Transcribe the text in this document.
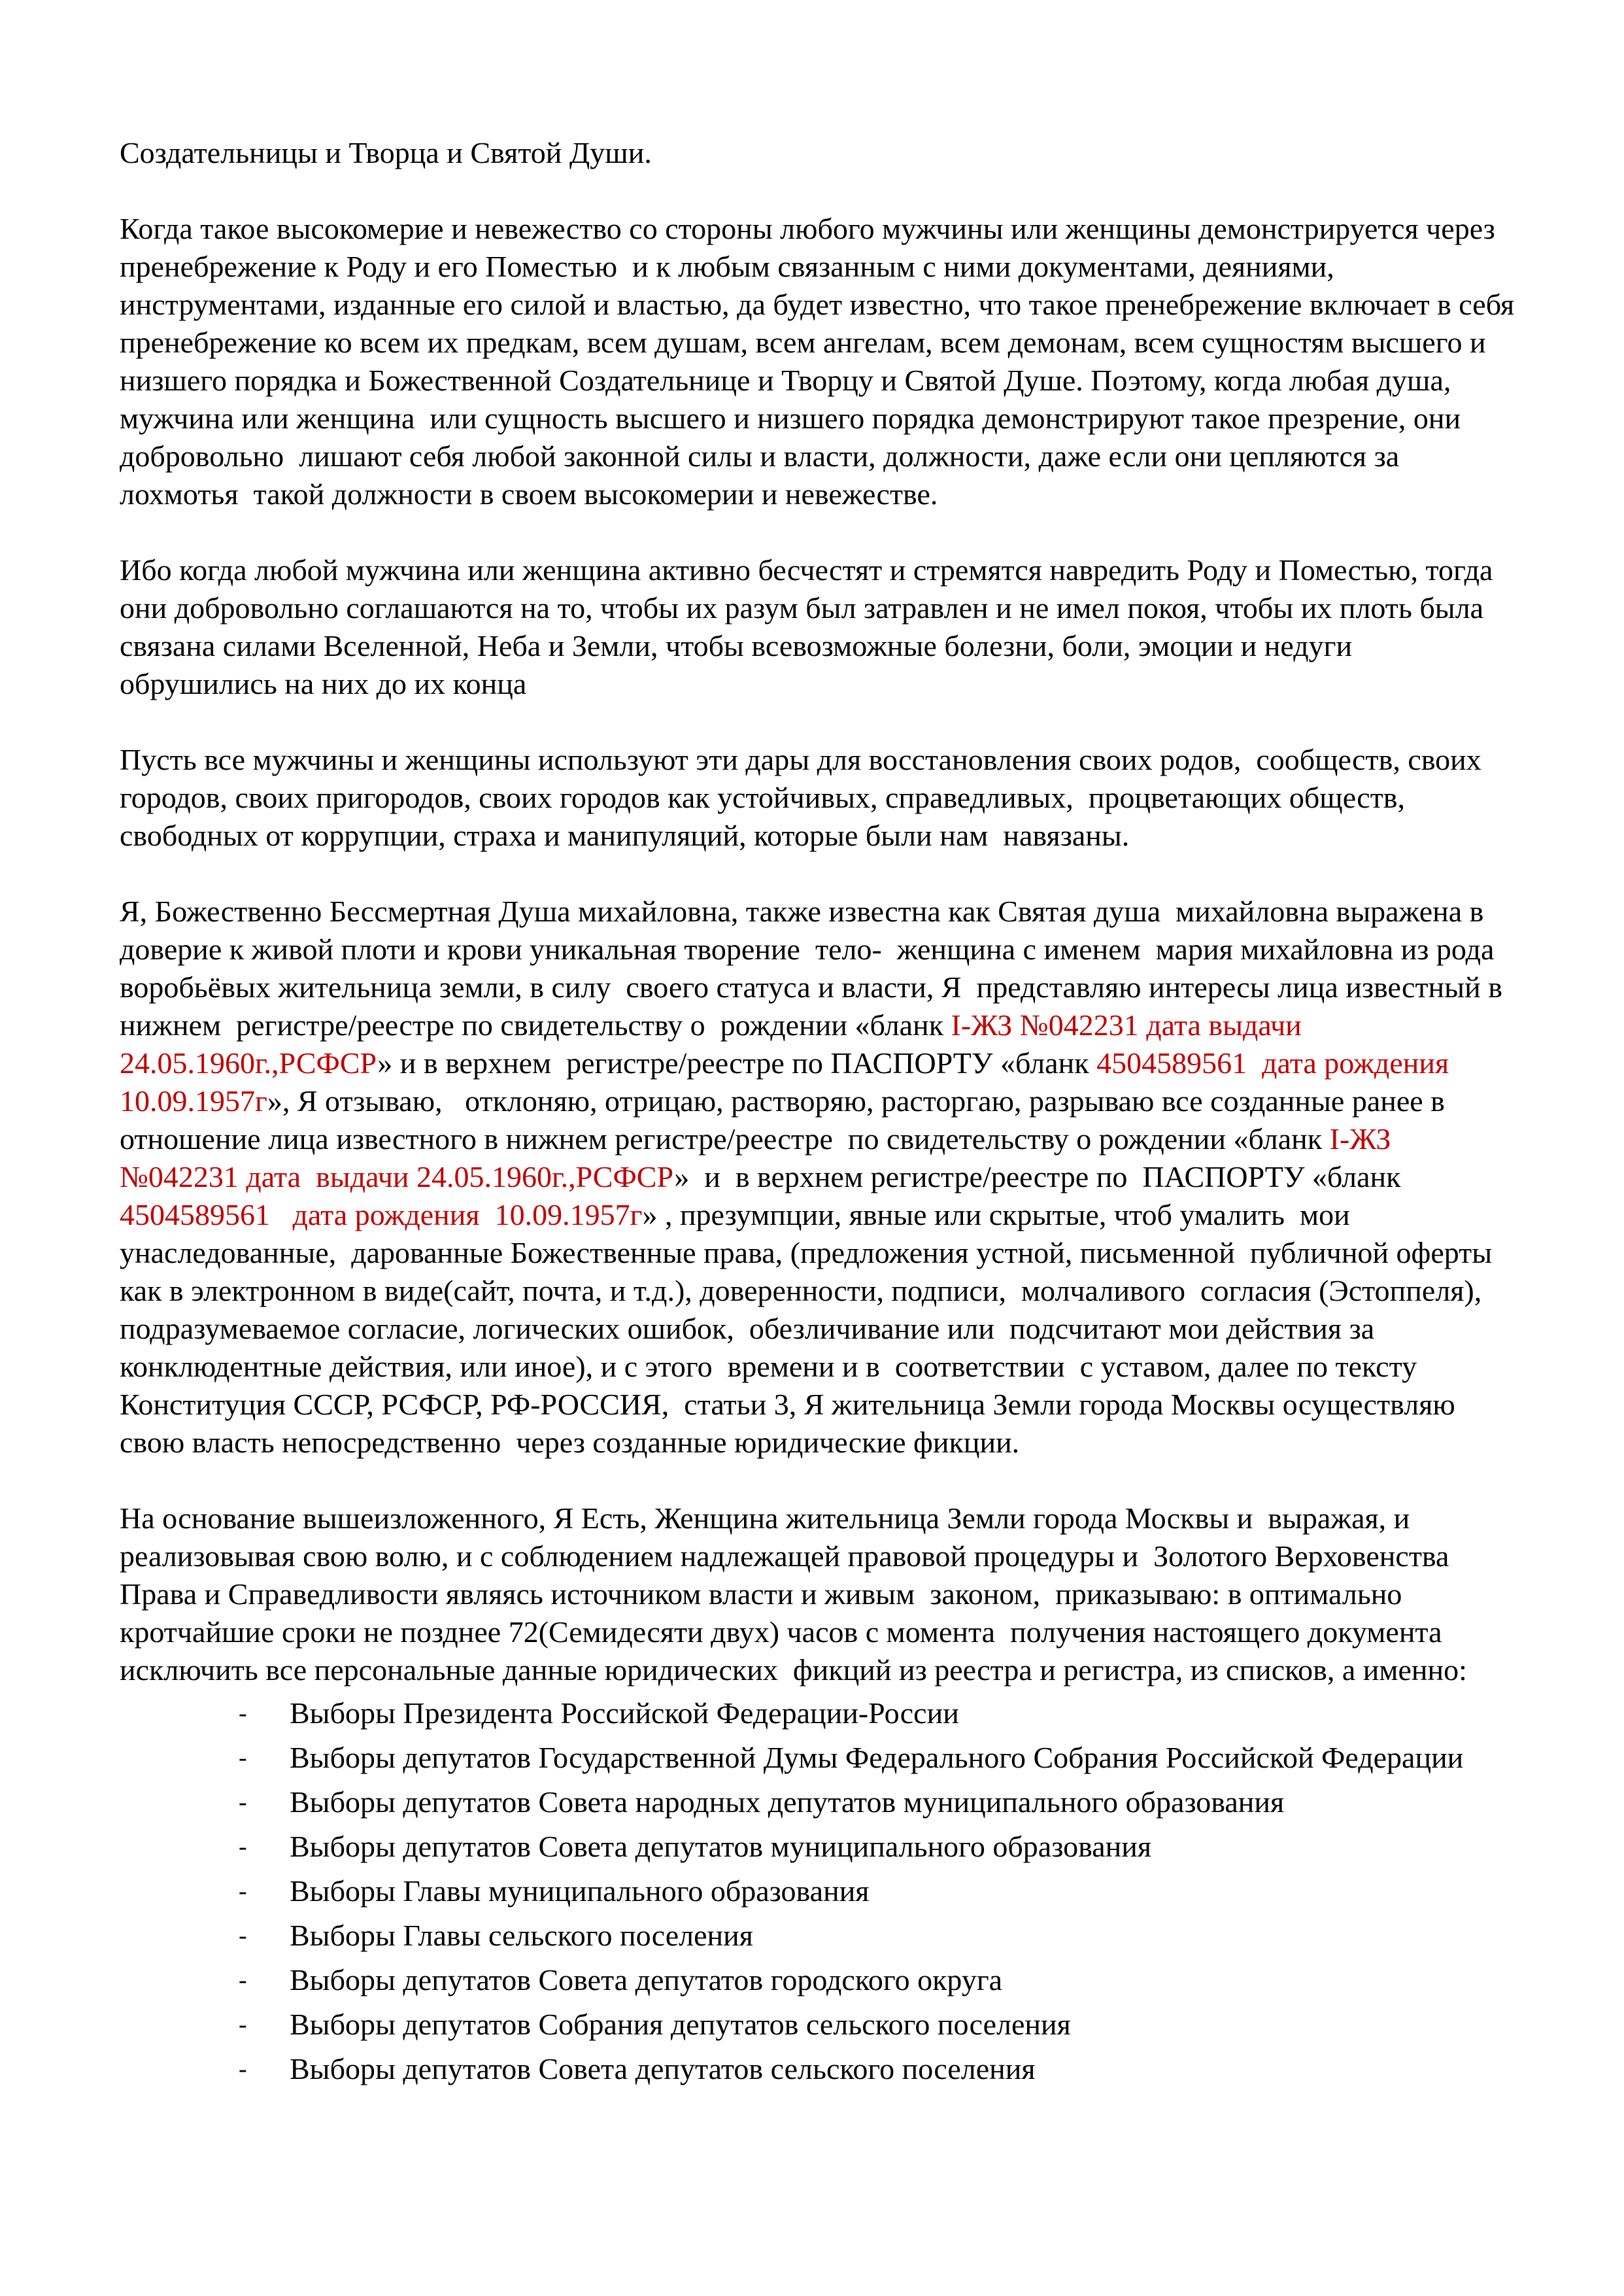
Создательницы и Творца и Святой Души.

Когда такое высокомерие и невежество со стороны любого мужчины или женщины демонстрируется через пренебрежение к Роду и его Поместью  и к любым связанным с ними документами, деяниями, инструментами, изданные его силой и властью, да будет известно, что такое пренебрежение включает в себя пренебрежение ко всем их предкам, всем душам, всем ангелам, всем демонам, всем сущностям высшего и низшего порядка и Божественной Создательнице и Творцу и Святой Душе. Поэтому, когда любая душа, мужчина или женщина  или сущность высшего и низшего порядка демонстрируют такое презрение, они добровольно  лишают себя любой законной силы и власти, должности, даже если они цепляются за лохмотья  такой должности в своем высокомерии и невежестве.

Ибо когда любой мужчина или женщина активно бесчестят и стремятся навредить Роду и Поместью, тогда они добровольно соглашаются на то, чтобы их разум был затравлен и не имел покоя, чтобы их плоть была связана силами Вселенной, Неба и Земли, чтобы всевозможные болезни, боли, эмоции и недуги обрушились на них до их конца

Пусть все мужчины и женщины используют эти дары для восстановления своих родов,  сообществ, своих городов, своих пригородов, своих городов как устойчивых, справедливых,  процветающих обществ, свободных от коррупции, страха и манипуляций, которые были нам  навязаны.

Я, Божественно Бессмертная Душа михайловна, также известна как Святая душа  михайловна выражена в доверие к живой плоти и крови уникальная творение  тело-  женщина с именем  мария михайловна из рода воробьёвых жительница земли, в силу  своего статуса и власти, Я  представляю интересы лица известный в нижнем  регистре/реестре по свидетельству о  рождении «бланк I-ЖЗ №042231 дата выдачи  24.05.1960г.,РСФСР» и в верхнем  регистре/реестре по ПАСПОРТУ «бланк 4504589561  дата рождения 10.09.1957г», Я отзываю,   отклоняю, отрицаю, растворяю, расторгаю, разрываю все созданные ранее в отношение лица известного в нижнем регистре/реестре  по свидетельству о рождении «бланк I-ЖЗ №042231 дата  выдачи 24.05.1960г.,РСФСР»  и  в верхнем регистре/реестре по  ПАСПОРТУ «бланк 4504589561   дата рождения  10.09.1957г» , презумпции, явные или скрытые, чтоб умалить  мои  унаследованные,  дарованные Божественные права, (предложения устной, письменной  публичной оферты  как в электронном в виде(сайт, почта, и т.д.), доверенности, подписи,  молчаливого  согласия (Эстоппеля), подразумеваемое согласие, логических ошибок,  обезличивание или  подсчитают мои действия за конклюдентные действия, или иное), и с этого  времени и в  соответствии  с уставом, далее по тексту Конституция СССР, РСФСР, РФ-РОССИЯ,  статьи 3, Я жительница Земли города Москвы осуществляю свою власть непосредственно  через созданные юридические фикции.

На основание вышеизложенного, Я Есть, Женщина жительница Земли города Москвы и  выражая, и реализовывая свою волю, и с соблюдением надлежащей правовой процедуры и  Золотого Верховенства Права и Справедливости являясь источником власти и живым  законом,  приказываю: в оптимально кротчайшие сроки не позднее 72(Семидесяти двух) часов с момента  получения настоящего документа исключить все персональные данные юридических  фикций из реестра и регистра, из списков, а именно:

- Выборы Президента Российской Федерации-России
- Выборы депутатов Государственной Думы Федерального Собрания Российской Федерации
- Выборы депутатов Совета народных депутатов муниципального образования
- Выборы депутатов Совета депутатов муниципального образования
- Выборы Главы муниципального образования
- Выборы Главы сельского поселения
- Выборы депутатов Совета депутатов городского округа
- Выборы депутатов Собрания депутатов сельского поселения
- Выборы депутатов Совета депутатов сельского поселения
